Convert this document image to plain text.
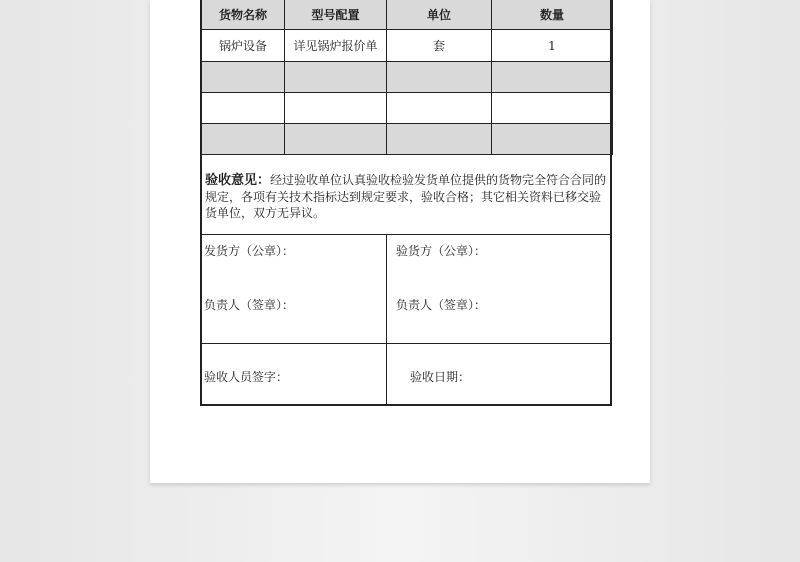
货物名称	型号配置	单位	数量
锅炉设备	详见锅炉报价单	套	1
验收意见：经过验收单位认真验收检验发货单位提供的货物完全符合合同的规定，各项有关技术指标达到规定要求，验收合格；其它相关资料已移交验货单位，双方无异议。
发货方（公章）：	验货方（公章）：
负责人（签章）：	负责人（签章）：
验收人员签字：	验收日期：
